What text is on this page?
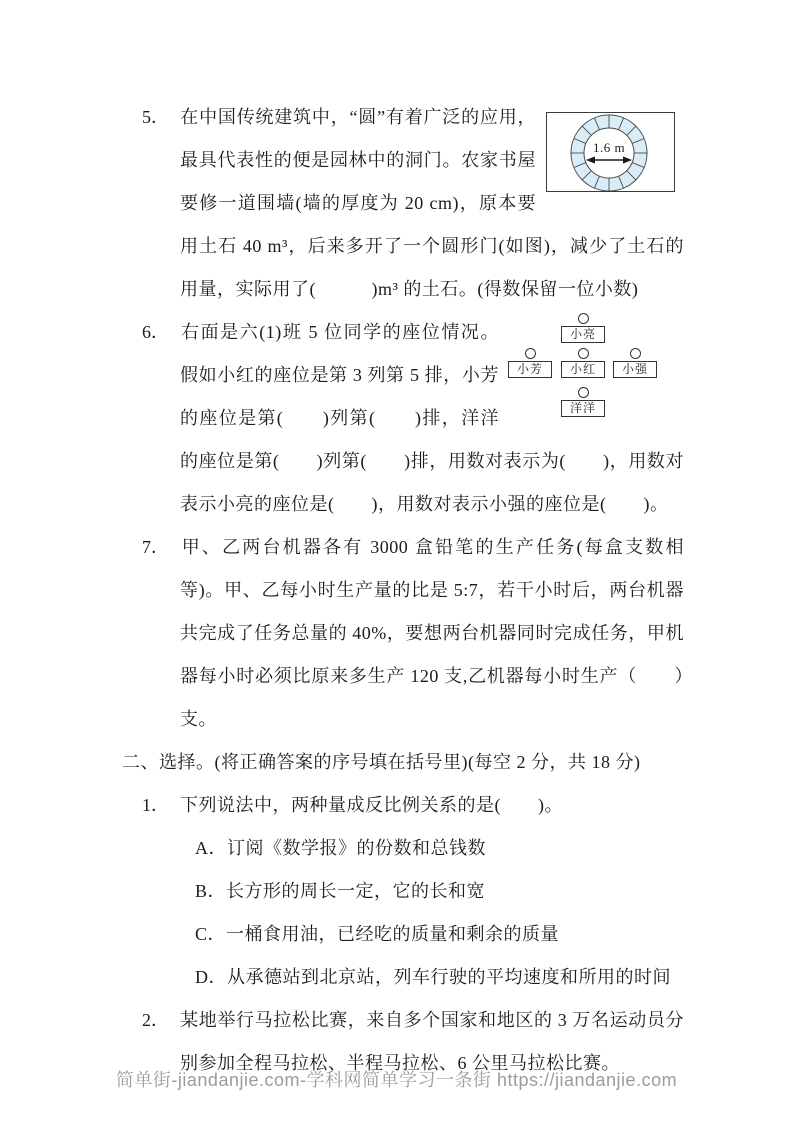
1.6 m
5． 在中国传统建筑中，“圆”有着广泛的应用，最具代表性的便是园林中的洞门。农家书屋要修一道围墙(墙的厚度为 20 cm)，原本要用土石 40 m³，后来多开了一个圆形门(如图)，减少了土石的用量，实际用了(　　　)m³ 的土石。(得数保留一位小数)
小亮
小芳	小红	小强
洋洋
6． 右面是六(1)班 5 位同学的座位情况。假如小红的座位是第 3 列第 5 排，小芳的座位是第(　　)列第(　　)排，洋洋的座位是第(　　)列第(　　)排，用数对表示为(　　)，用数对表示小亮的座位是(　　)，用数对表示小强的座位是(　　)。
7． 甲、乙两台机器各有 3000 盒铅笔的生产任务(每盒支数相等)。甲、乙每小时生产量的比是 5:7，若干小时后，两台机器共完成了任务总量的 40%，要想两台机器同时完成任务，甲机器每小时必须比原来多生产 120 支,乙机器每小时生产（　　）支。
二、选择。(将正确答案的序号填在括号里)(每空 2 分，共 18 分)
1． 下列说法中，两种量成反比例关系的是(　　)。
A．订阅《数学报》的份数和总钱数
B．长方形的周长一定，它的长和宽
C．一桶食用油，已经吃的质量和剩余的质量
D．从承德站到北京站，列车行驶的平均速度和所用的时间
2． 某地举行马拉松比赛，来自多个国家和地区的 3 万名运动员分别参加全程马拉松、半程马拉松、6 公里马拉松比赛。
简单街-jiandanjie.com-学科网简单学习一条街 https://jiandanjie.com
